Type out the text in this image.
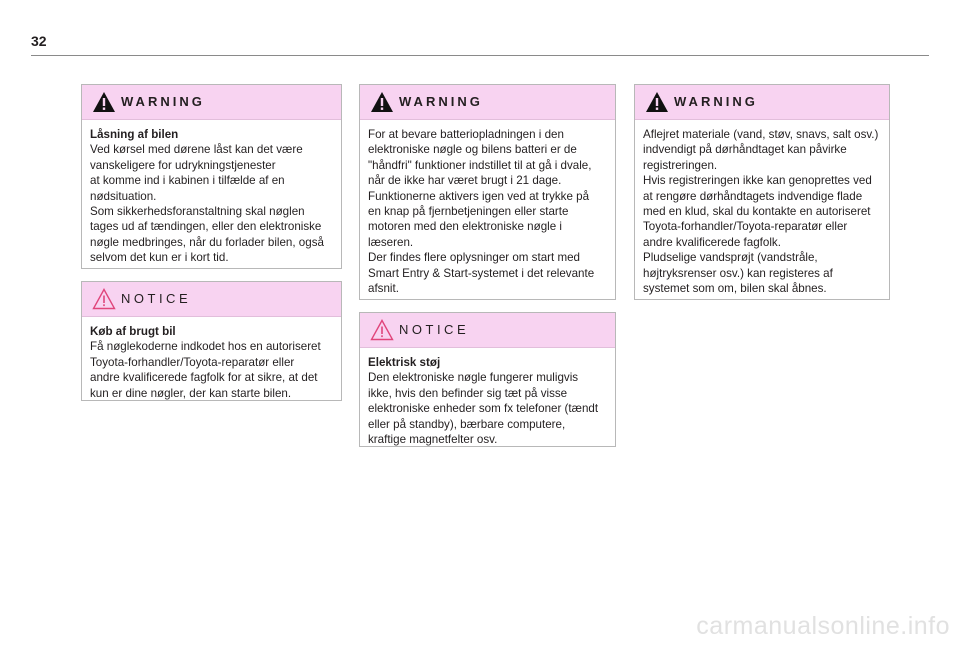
32
WARNING

Låsning af bilen

Ved kørsel med dørene låst kan det være

vanskeligere for udrykningstjenester

at komme ind i kabinen i tilfælde af en

nødsituation.

Som sikkerhedsforanstaltning skal nøglen

tages ud af tændingen, eller den elektroniske

nøgle medbringes, når du forlader bilen, også

selvom det kun er i kort tid.

NOTICE

Køb af brugt bil

Få nøglekoderne indkodet hos en autoriseret

Toyota-forhandler/Toyota-reparatør eller

andre kvalificerede fagfolk for at sikre, at det

kun er dine nøgler, der kan starte bilen.

WARNING

For at bevare batteriopladningen i den

elektroniske nøgle og bilens batteri er de

"håndfri" funktioner indstillet til at gå i dvale,

når de ikke har været brugt i 21 dage.

Funktionerne aktivers igen ved at trykke på

en knap på fjernbetjeningen eller starte

motoren med den elektroniske nøgle i

læseren.

Der findes flere oplysninger om start med

Smart Entry & Start-systemet i det relevante

afsnit.

NOTICE

Elektrisk støj

Den elektroniske nøgle fungerer muligvis

ikke, hvis den befinder sig tæt på visse

elektroniske enheder som fx telefoner (tændt

eller på standby), bærbare computere,

kraftige magnetfelter osv.

WARNING

Aflejret materiale (vand, støv, snavs, salt osv.)

indvendigt på dørhåndtaget kan påvirke

registreringen.

Hvis registreringen ikke kan genoprettes ved

at rengøre dørhåndtagets indvendige flade

med en klud, skal du kontakte en autoriseret

Toyota-forhandler/Toyota-reparatør eller

andre kvalificerede fagfolk.

Pludselige vandsprøjt (vandstråle,

højtryksrenser osv.) kan registeres af

systemet som om, bilen skal åbnes.

carmanualsonline.info
